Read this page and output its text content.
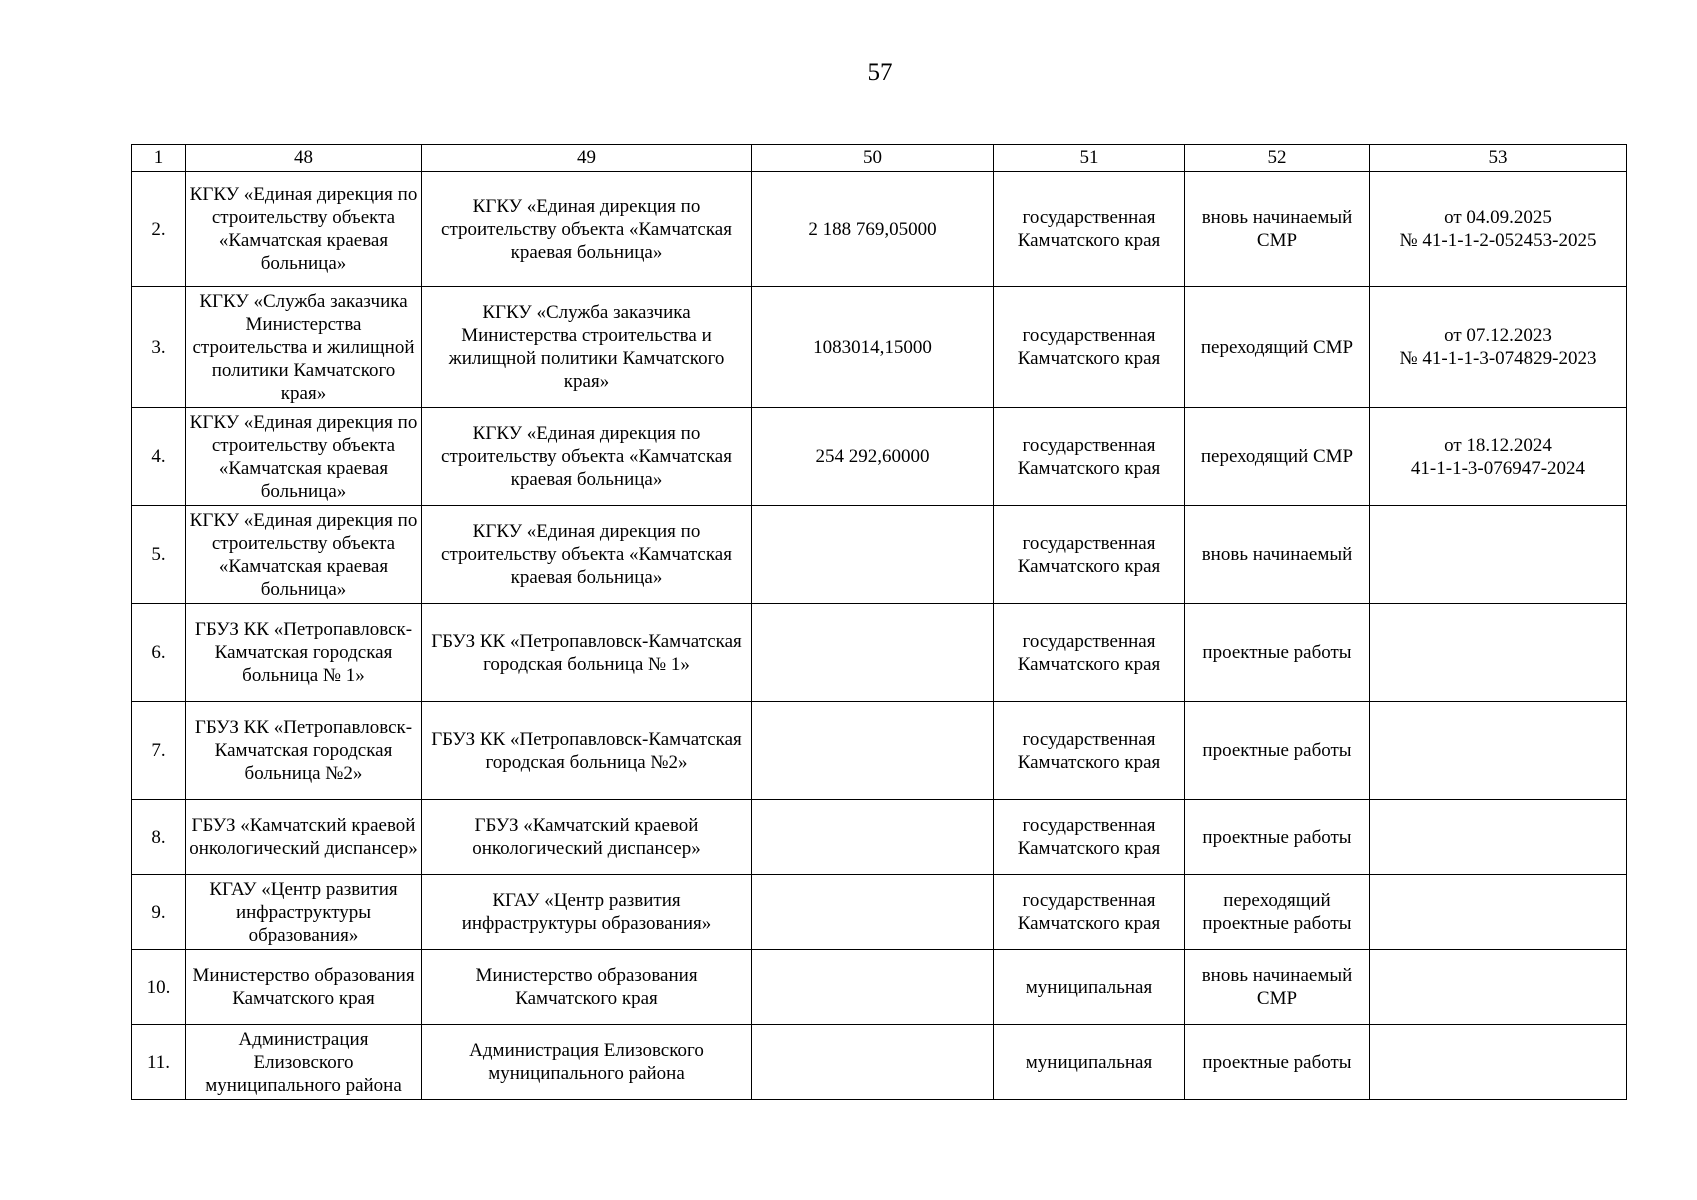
57
1	48	49	50	51	52	53
2.	КГКУ «Единая дирекция по строительству объекта «Камчатская краевая больница»	КГКУ «Единая дирекция по строительству объекта «Камчатская краевая больница»	2 188 769,05000	государственная Камчатского края	вновь начинаемый СМР	от 04.09.2025
№ 41-1-1-2-052453-2025

3.	КГКУ «Служба заказчика Министерства строительства и жилищной политики Камчатского края»	КГКУ «Служба заказчика Министерства строительства и жилищной политики Камчатского края»	1083014,15000	государственная Камчатского края	переходящий СМР	от 07.12.2023
№ 41-1-1-3-074829-2023

4.	КГКУ «Единая дирекция по строительству объекта «Камчатская краевая больница»	КГКУ «Единая дирекция по строительству объекта «Камчатская краевая больница»	254 292,60000	государственная Камчатского края	переходящий СМР	от 18.12.2024
41-1-1-3-076947-2024

5.	КГКУ «Единая дирекция по строительству объекта «Камчатская краевая больница»	КГКУ «Единая дирекция по строительству объекта «Камчатская краевая больница»		государственная Камчатского края	вновь начинаемый	

6.	ГБУЗ КК «Петропавловск-Камчатская городская больница № 1»	ГБУЗ КК «Петропавловск-Камчатская городская больница № 1»		государственная Камчатского края	проектные работы	

7.	ГБУЗ КК «Петропавловск-Камчатская городская больница №2»	ГБУЗ КК «Петропавловск-Камчатская городская больница №2»		государственная Камчатского края	проектные работы	

8.	ГБУЗ «Камчатский краевой онкологический диспансер»	ГБУЗ «Камчатский краевой онкологический диспансер»		государственная Камчатского края	проектные работы	

9.	КГАУ «Центр развития инфраструктуры образования»	КГАУ «Центр развития инфраструктуры образования»		государственная Камчатского края	переходящий проектные работы	

10.	Министерство образования Камчатского края	Министерство образования Камчатского края		муниципальная	вновь начинаемый СМР	

11.	Администрация Елизовского муниципального района	Администрация Елизовского муниципального района		муниципальная	проектные работы	
